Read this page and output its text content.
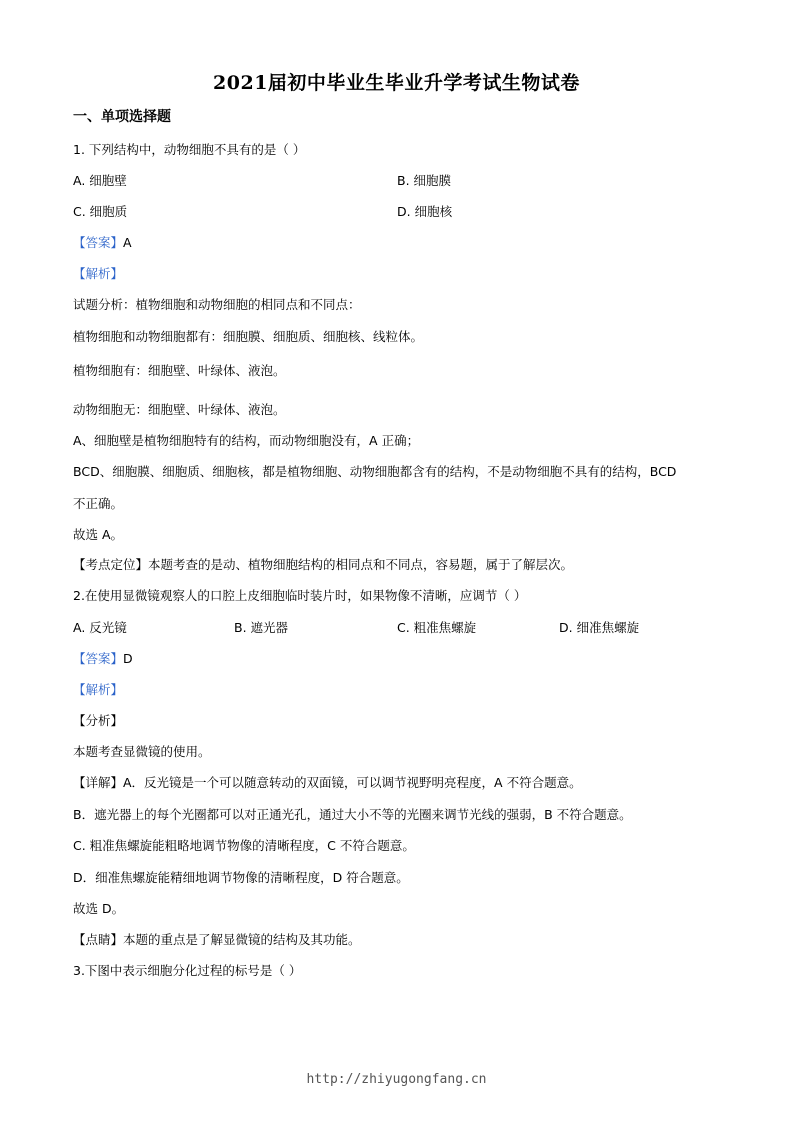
2021届初中毕业生毕业升学考试生物试卷
一、单项选择题
1. 下列结构中，动物细胞不具有的是（ ）
A. 细胞壁	B. 细胞膜
C. 细胞质	D. 细胞核
【答案】A
【解析】
试题分析：植物细胞和动物细胞的相同点和不同点：
植物细胞和动物细胞都有：细胞膜、细胞质、细胞核、线粒体。
植物细胞有：细胞壁、叶绿体、液泡。
动物细胞无：细胞壁、叶绿体、液泡。
A、细胞壁是植物细胞特有的结构，而动物细胞没有，A 正确；
BCD、细胞膜、细胞质、细胞核，都是植物细胞、动物细胞都含有的结构，不是动物细胞不具有的结构，BCD
不正确。
故选 A。
【考点定位】本题考查的是动、植物细胞结构的相同点和不同点，容易题，属于了解层次。
2.在使用显微镜观察人的口腔上皮细胞临时装片时，如果物像不清晰，应调节（ ）
A. 反光镜	B. 遮光器	C. 粗准焦螺旋	D. 细准焦螺旋
【答案】D
【解析】
【分析】
本题考查显微镜的使用。
【详解】A．反光镜是一个可以随意转动的双面镜，可以调节视野明亮程度，A 不符合题意。
B．遮光器上的每个光圈都可以对正通光孔，通过大小不等的光圈来调节光线的强弱，B 不符合题意。
C. 粗准焦螺旋能粗略地调节物像的清晰程度，C 不符合题意。
D．细准焦螺旋能精细地调节物像的清晰程度，D 符合题意。
故选 D。
【点睛】本题的重点是了解显微镜的结构及其功能。
3.下图中表示细胞分化过程的标号是（ ）
http://zhiyugongfang.cn
